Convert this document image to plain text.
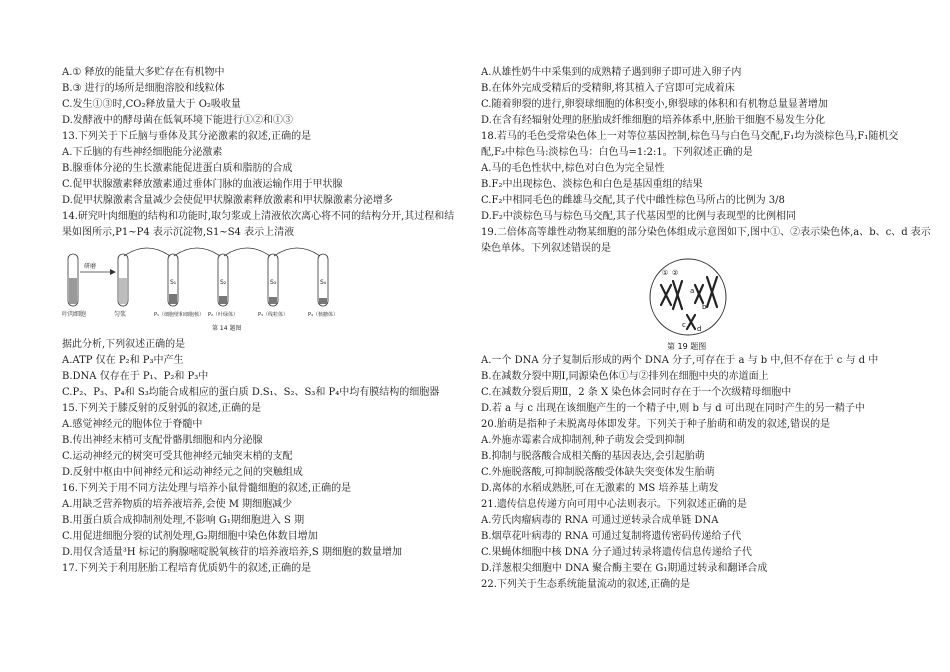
A.① 释放的能量大多贮存在有机物中
B.③ 进行的场所是细胞溶胶和线粒体
C.发生①③时,CO₂释放量大于 O₂吸收量
D.发酵液中的酵母菌在低氧环境下能进行①②和①③
13.下列关于下丘脑与垂体及其分泌激素的叙述,正确的是
A.下丘脑的有些神经细胞能分泌激素
B.腺垂体分泌的生长激素能促进蛋白质和脂肪的合成
C.促甲状腺激素释放激素通过垂体门脉的血液运输作用于甲状腺
D.促甲状腺激素含量减少会使促甲状腺激素释放激素和甲状腺激素分泌增多
14.研究叶肉细胞的结构和功能时,取匀浆或上清液依次离心将不同的结构分开,其过程和结
果如图所示,P1~P4 表示沉淀物,S1~S4 表示上清液
研磨
S₁	S₂	S₃	S₄
叶肉细胞	匀浆	P₁（细胞壁和细胞核） P₂（叶绿体）	P₃（线粒体）	P₄（核糖体）
第 14 题图
据此分析,下列叙述正确的是
A.ATP 仅在 P₂和 P₃中产生
B.DNA 仅存在于 P₁、P₂和 P₃中
C.P₂、P₃、P₄和 S₃均能合成相应的蛋白质 D.S₁、S₂、S₃和 P₄中均有膜结构的细胞器
15.下列关于膝反射的反射弧的叙述,正确的是
A.感觉神经元的胞体位于脊髓中
B.传出神经末梢可支配骨骼肌细胞和内分泌腺
C.运动神经元的树突可受其他神经元轴突末梢的支配
D.反射中枢由中间神经元和运动神经元之间的突触组成
16.下列关于用不同方法处理与培养小鼠骨髓细胞的叙述,正确的是
A.用缺乏营养物质的培养液培养,会使 M 期细胞减少
B.用蛋白质合成抑制剂处理,不影响 G₁期细胞进入 S 期
C.用促进细胞分裂的试剂处理,G₂期细胞中染色体数目增加
D.用仅含适量³H 标记的胸腺嘧啶脱氧核苷的培养液培养,S 期细胞的数量增加
17.下列关于利用胚胎工程培育优质奶牛的叙述,正确的是
A.从雄性奶牛中采集到的成熟精子遇到卵子即可进入卵子内
B.在体外完成受精后的受精卵,将其植入子宫即可完成着床
C.随着卵裂的进行,卵裂球细胞的体积变小,卵裂球的体积和有机物总量显著增加
D.在含有经辐射处理的胚胎成纤维细胞的培养体系中,胚胎干细胞不易发生分化
18.若马的毛色受常染色体上一对等位基因控制,棕色马与白色马交配,F₁均为淡棕色马,F₁随机交
配,F₂中棕色马:淡棕色马：白色马=1:2:1。下列叙述正确的是
A.马的毛色性状中,棕色对白色为完全显性
B.F₂中出现棕色、淡棕色和白色是基因重组的结果
C.F₂中相同毛色的雌雄马交配,其子代中雌性棕色马所占的比例为 3/8
D.F₂中淡棕色马与棕色马交配,其子代基因型的比例与表现型的比例相同
19.二倍体高等雄性动物某细胞的部分染色体组成示意图如下,图中①、②表示染色体,a、b、c、d 表示
染色单体。下列叙述错误的是
① ②
a
b
c d
第 19 题图
A.一个 DNA 分子复制后形成的两个 DNA 分子,可存在于 a 与 b 中,但不存在于 c 与 d 中
B.在减数分裂中期Ⅰ,同源染色体①与②排列在细胞中央的赤道面上
C.在减数分裂后期Ⅱ，2 条 X 染色体会同时存在于一个次级精母细胞中
D.若 a 与 c 出现在该细胞产生的一个精子中,则 b 与 d 可出现在同时产生的另一精子中
20.胎萌是指种子未脱离母体即发芽。下列关于种子胎萌和萌发的叙述,错误的是
A.外施赤霉素合成抑制剂,种子萌发会受到抑制
B.抑制与脱落酸合成相关酶的基因表达,会引起胎萌
C.外施脱落酸,可抑制脱落酸受体缺失突变体发生胎萌
D.离体的水稻成熟胚,可在无激素的 MS 培养基上萌发
21.遗传信息传递方向可用中心法则表示。下列叙述正确的是
A.劳氏肉瘤病毒的 RNA 可通过逆转录合成单链 DNA
B.烟草花叶病毒的 RNA 可通过复制将遗传密码传递给子代
C.果蝇体细胞中核 DNA 分子通过转录将遗传信息传递给子代
D.洋葱根尖细胞中 DNA 聚合酶主要在 G₁期通过转录和翻译合成
22.下列关于生态系统能量流动的叙述,正确的是
